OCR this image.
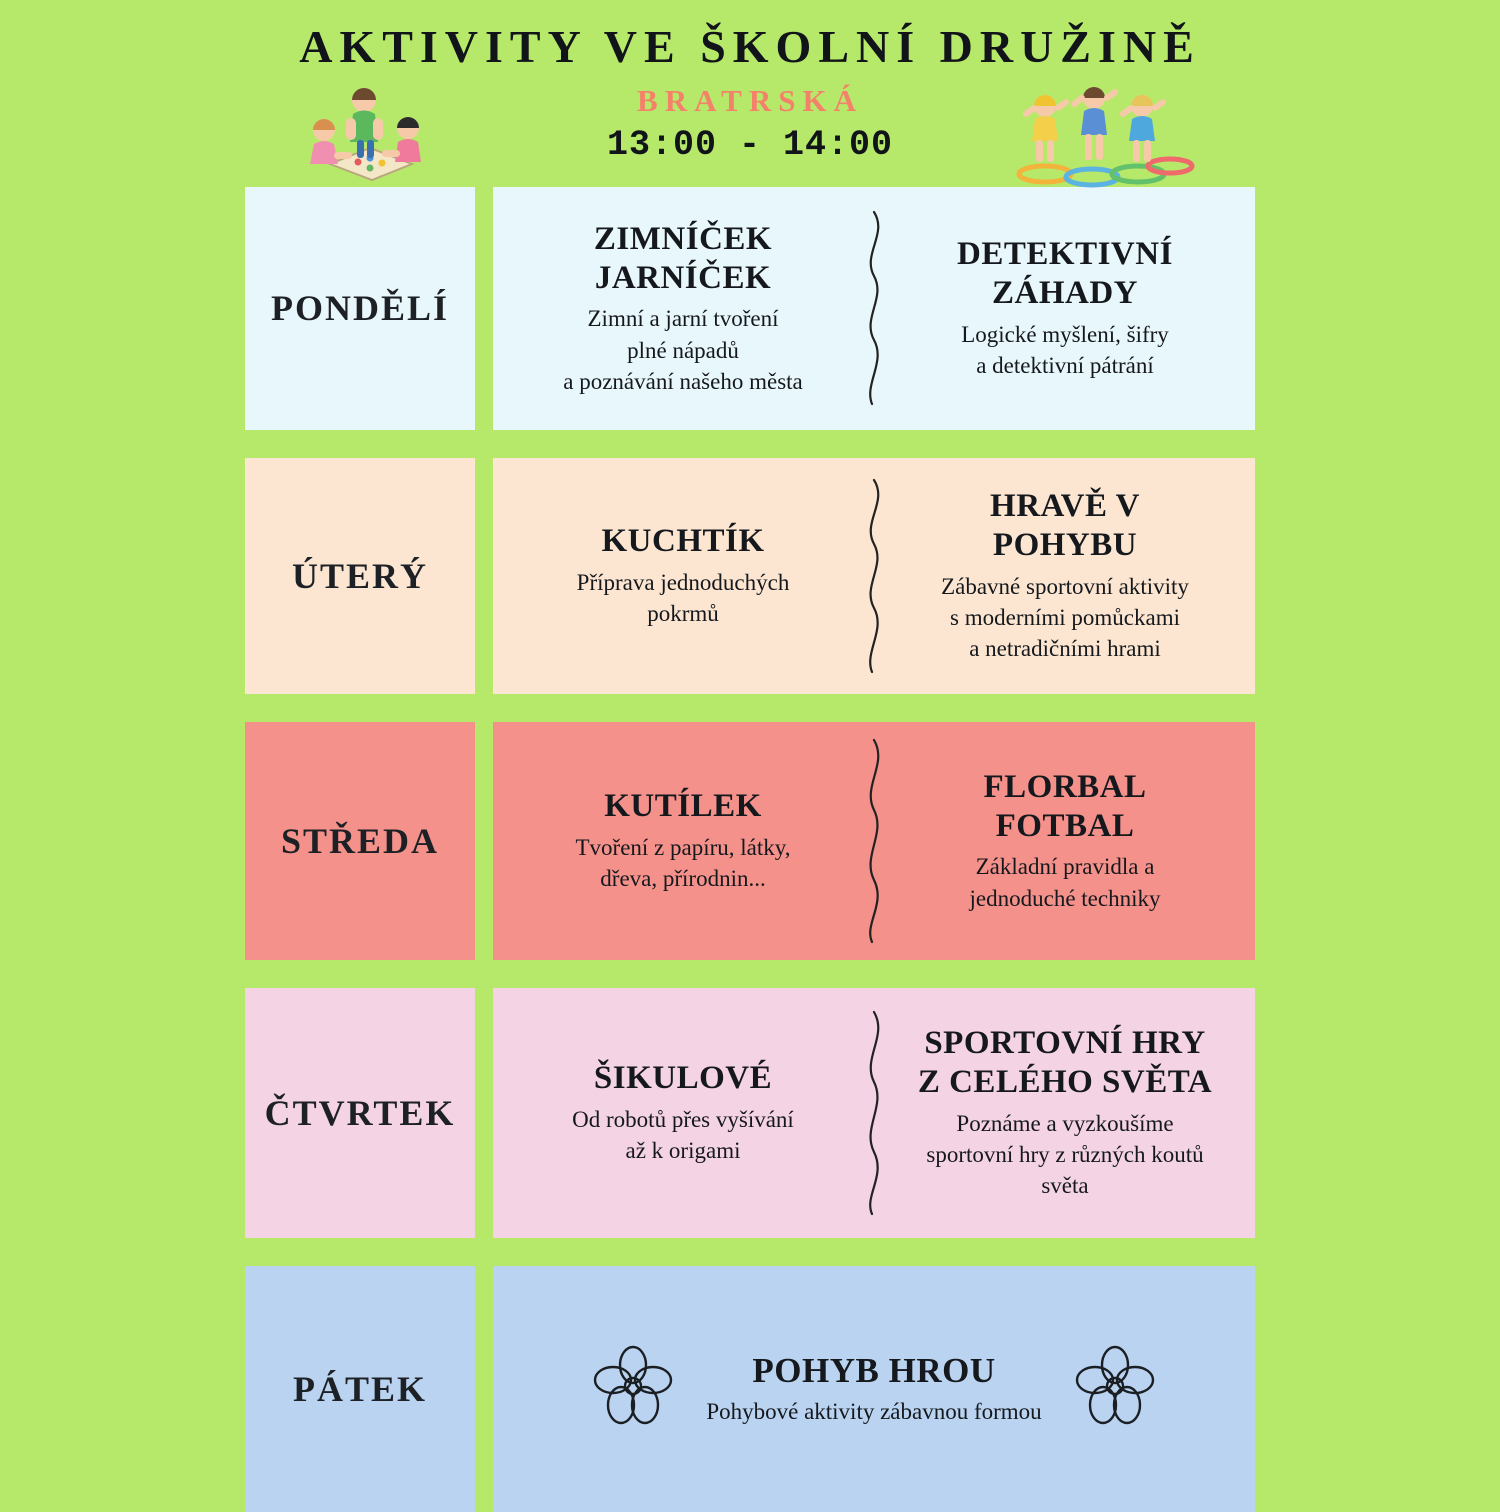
AKTIVITY VE ŠKOLNÍ DRUŽINĚ
BRATRSKÁ
13:00 - 14:00
PONDĚLÍ
ZIMNÍČEK
JARNÍČEK
Zimní a jarní tvoření
plné nápadů
a poznávání našeho města
DETEKTIVNÍ ZÁHADY
Logické myšlení, šifry
a detektivní pátrání
ÚTERÝ
KUCHTÍK
Příprava jednoduchých
pokrmů
HRAVĚ V
POHYBU
Zábavné sportovní aktivity
s moderními pomůckami
a netradičními hrami
STŘEDA
KUTÍLEK
Tvoření z papíru, látky,
dřeva, přírodnin...
FLORBAL
FOTBAL
Základní pravidla a
jednoduché techniky
ČTVRTEK
ŠIKULOVÉ
Od robotů přes vyšívání
až k origami
SPORTOVNÍ HRY
Z CELÉHO SVĚTA
Poznáme a vyzkoušíme
sportovní hry z různých koutů
světa
PÁTEK	POHYB HROU
Pohybové aktivity zábavnou formou
